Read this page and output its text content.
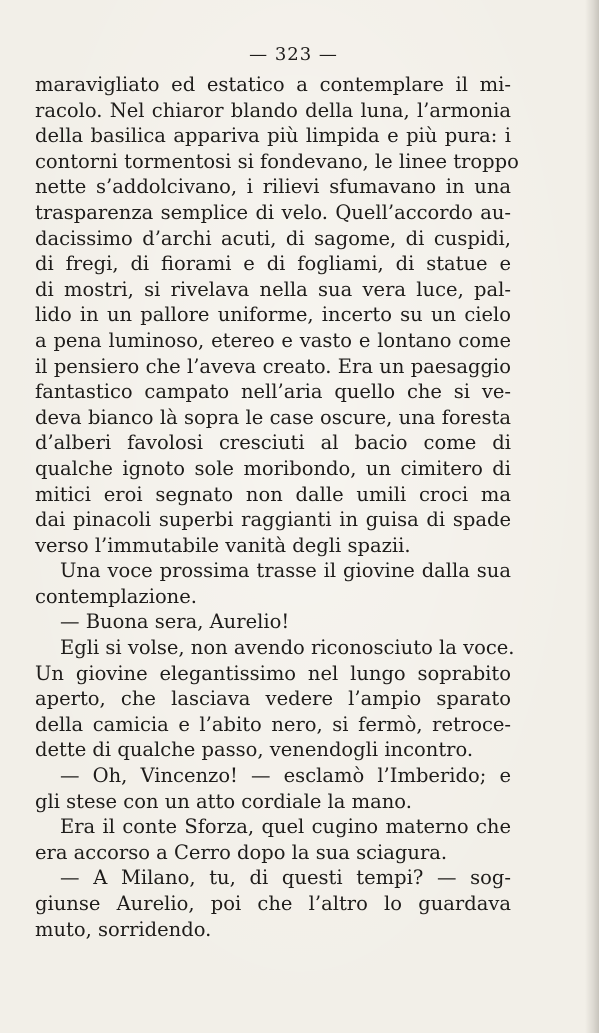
— 323 —
maravigliato ed estatico a contemplare il mi-
racolo. Nel chiaror blando della luna, l’armonia
della basilica appariva più limpida e più pura: i
contorni tormentosi si fondevano, le linee troppo
nette s’addolcivano, i rilievi sfumavano in una
trasparenza semplice di velo. Quell’accordo au-
dacissimo d’archi acuti, di sagome, di cuspidi,
di fregi, di fiorami e di fogliami, di statue e
di mostri, si rivelava nella sua vera luce, pal-
lido in un pallore uniforme, incerto su un cielo
a pena luminoso, etereo e vasto e lontano come
il pensiero che l’aveva creato. Era un paesaggio
fantastico campato nell’aria quello che si ve-
deva bianco là sopra le case oscure, una foresta
d’alberi favolosi cresciuti al bacio come di
qualche ignoto sole moribondo, un cimitero di
mitici eroi segnato non dalle umili croci ma
dai pinacoli superbi raggianti in guisa di spade
verso l’immutabile vanità degli spazii.
Una voce prossima trasse il giovine dalla sua
contemplazione.
— Buona sera, Aurelio!
Egli si volse, non avendo riconosciuto la voce.
Un giovine elegantissimo nel lungo soprabito
aperto, che lasciava vedere l’ampio sparato
della camicia e l’abito nero, si fermò, retroce-
dette di qualche passo, venendogli incontro.
— Oh, Vincenzo! — esclamò l’Imberido; e
gli stese con un atto cordiale la mano.
Era il conte Sforza, quel cugino materno che
era accorso a Cerro dopo la sua sciagura.
— A Milano, tu, di questi tempi? — sog-
giunse Aurelio, poi che l’altro lo guardava
muto, sorridendo.
